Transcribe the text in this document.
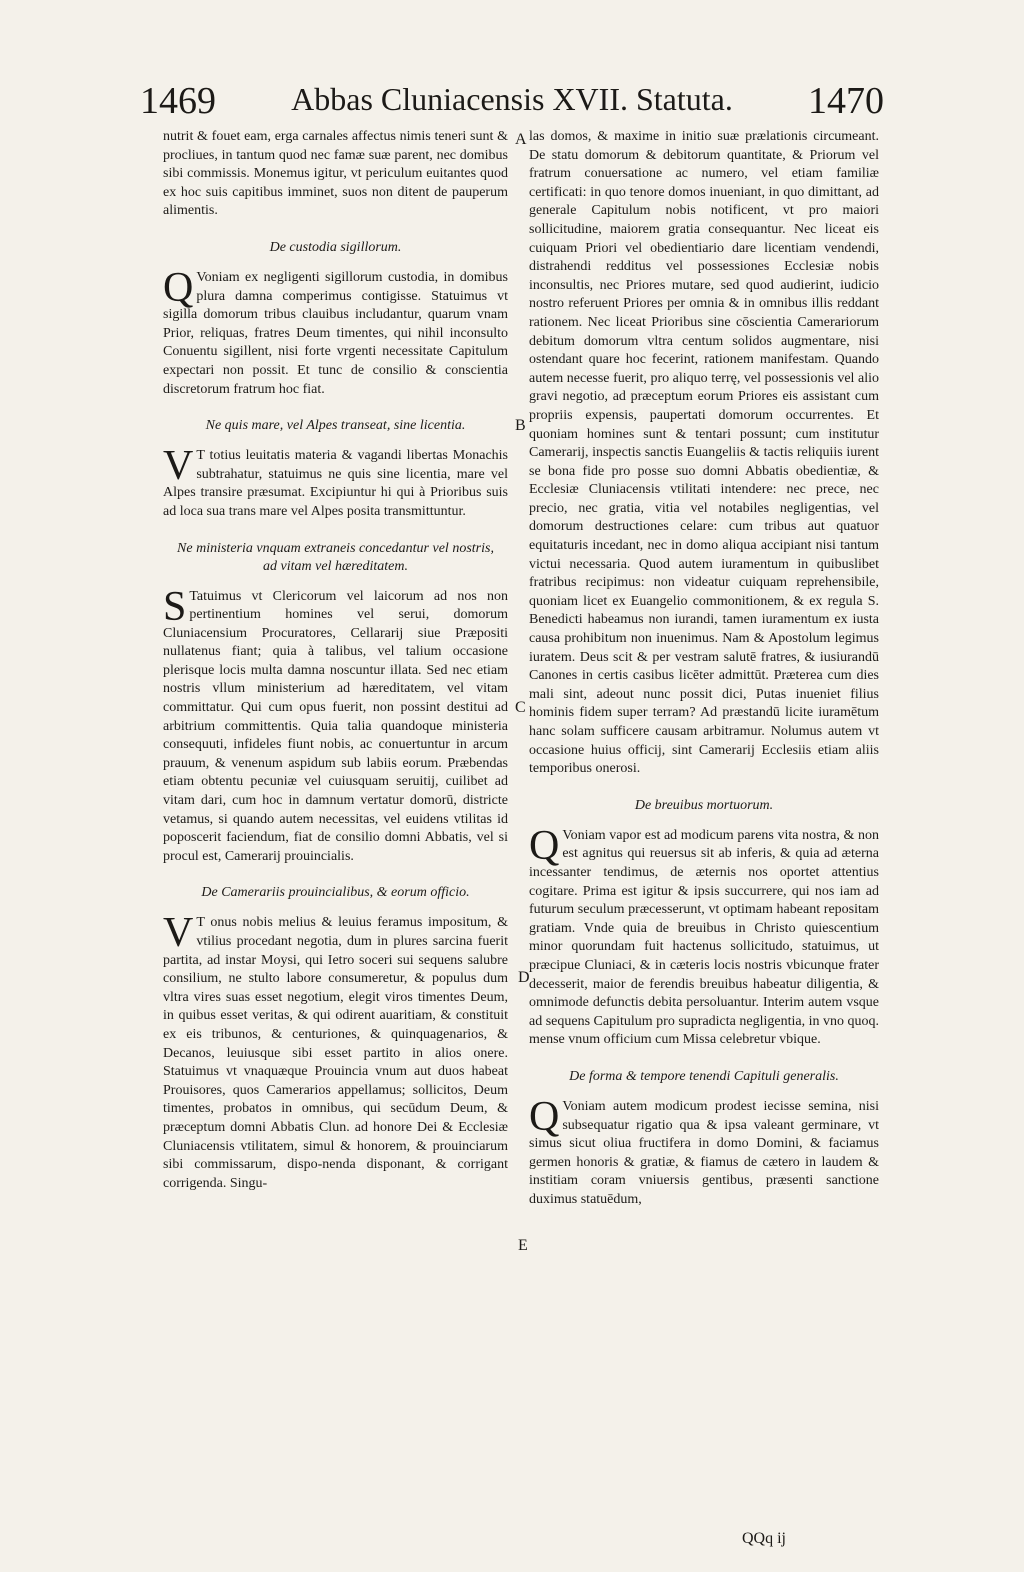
1469 Abbas Cluniacensis XVII. Statuta. 1470

nutrit & fouet eam, erga carnales affectus nimis teneri sunt & procliues, in tantum quod nec famæ suæ parent, nec domibus sibi commissis. Monemus igitur, vt periculum euitantes quod ex hoc suis capitibus imminet, suos non ditent de pauperum alimentis.

De custodia sigillorum.

Q Voniam ex negligenti sigillorum custodia, in domibus plura damna comperimus contigisse. Statuimus vt sigilla domorum tribus clauibus includantur, quarum vnam Prior, reliquas, fratres Deum timentes, qui nihil inconsulto Conuentu sigillent, nisi forte vrgenti necessitate Capitulum expectari non possit. Et tunc de consilio & conscientia discretorum fratrum hoc fiat.

Ne quis mare, vel Alpes transeat, sine licentia.

V T totius leuitatis materia & vagandi libertas Monachis subtrahatur, statuimus ne quis sine licentia, mare vel Alpes transire præsumat. Excipiuntur hi qui à Prioribus suis ad loca sua trans mare vel Alpes posita transmittuntur.

Ne ministeria vnquam extraneis concedantur vel nostris, ad vitam vel hæreditatem.

S Tatuimus vt Clericorum vel laicorum ad nos non pertinentium homines vel serui, domorum Cluniacensium Procuratores, Cellararij siue Præpositi nullatenus fiant; quia à talibus, vel talium occasione plerisque locis multa damna noscuntur illata. Sed nec etiam nostris vllum ministerium ad hæreditatem, vel vitam committatur. Qui cum opus fuerit, non possint destitui ad arbitrium committentis. Quia talia quandoque ministeria consequuti, infideles fiunt nobis, ac conuertuntur in arcum prauum, & venenum aspidum sub labiis eorum. Præbendas etiam obtentu pecuniæ vel cuiusquam seruitij, cuilibet ad vitam dari, cum hoc in damnum vertatur domorū, districte vetamus, si quando autem necessitas, vel euidens vtilitas id poposcerit faciendum, fiat de consilio domni Abbatis, vel si procul est, Camerarij prouincialis.

De Camerariis prouincialibus, & eorum officio.

V T onus nobis melius & leuius feramus impositum, & vtilius procedant negotia, dum in plures sarcina fuerit partita, ad instar Moysi, qui Ietro soceri sui sequens salubre consilium, ne stulto labore consumeretur, & populus dum vltra vires suas esset negotium, elegit viros timentes Deum, in quibus esset veritas, & qui odirent auaritiam, & constituit ex eis tribunos, & centuriones, & quinquagenarios, & Decanos, leuiusque sibi esset partito in alios onere. Statuimus vt vnaquæque Prouincia vnum aut duos habeat Prouisores, quos Camerarios appellamus; sollicitos, Deum timentes, probatos in omnibus, qui secūdum Deum, & præceptum domni Abbatis Clun. ad honore Dei & Ecclesiæ Cluniacensis vtilitatem, simul & honorem, & prouinciarum sibi commissarum, dispo-nenda disponant, & corrigant corrigenda. Singu-

A
B
C
D
E

las domos, & maxime in initio suæ prælationis circumeant. De statu domorum & debitorum quantitate, & Priorum vel fratrum conuersatione ac numero, vel etiam familiæ certificati: in quo tenore domos inueniant, in quo dimittant, ad generale Capitulum nobis notificent, vt pro maiori sollicitudine, maiorem gratia consequantur. Nec liceat eis cuiquam Priori vel obedientiario dare licentiam vendendi, distrahendi redditus vel possessiones Ecclesiæ nobis inconsultis, nec Priores mutare, sed quod audierint, iudicio nostro referuent Priores per omnia & in omnibus illis reddant rationem. Nec liceat Prioribus sine cōscientia Camerariorum debitum domorum vltra centum solidos augmentare, nisi ostendant quare hoc fecerint, rationem manifestam. Quando autem necesse fuerit, pro aliquo terrę, vel possessionis vel alio gravi negotio, ad præceptum eorum Priores eis assistant cum propriis expensis, paupertati domorum occurrentes. Et quoniam homines sunt & tentari possunt; cum institutur Camerarij, inspectis sanctis Euangeliis & tactis reliquiis iurent se bona fide pro posse suo domni Abbatis obedientiæ, & Ecclesiæ Cluniacensis vtilitati intendere: nec prece, nec precio, nec gratia, vitia vel notabiles negligentias, vel domorum destructiones celare: cum tribus aut quatuor equitaturis incedant, nec in domo aliqua accipiant nisi tantum victui necessaria. Quod autem iuramentum in quibuslibet fratribus recipimus: non videatur cuiquam reprehensibile, quoniam licet ex Euangelio commonitionem, & ex regula S. Benedicti habeamus non iurandi, tamen iuramentum ex iusta causa prohibitum non inuenimus. Nam & Apostolum legimus iuratem. Deus scit & per vestram salutē fratres, & iusiurandū Canones in certis casibus licēter admittūt. Præterea cum dies mali sint, adeout nunc possit dici, Putas inueniet filius hominis fidem super terram? Ad præstandū licite iuramētum hanc solam sufficere causam arbitramur. Nolumus autem vt occasione huius officij, sint Camerarij Ecclesiis etiam aliis temporibus onerosi.

De breuibus mortuorum.

Q Voniam vapor est ad modicum parens vita nostra, & non est agnitus qui reuersus sit ab inferis, & quia ad æterna incessanter tendimus, de æternis nos oportet attentius cogitare. Prima est igitur & ipsis succurrere, qui nos iam ad futurum seculum præcesserunt, vt optimam habeant repositam gratiam. Vnde quia de breuibus in Christo quiescentium minor quorundam fuit hactenus sollicitudo, statuimus, ut præcipue Cluniaci, & in cæteris locis nostris vbicunque frater decesserit, maior de ferendis breuibus habeatur diligentia, & omnimode defunctis debita persoluantur. Interim autem vsque ad sequens Capitulum pro supradicta negligentia, in vno quoq. mense vnum officium cum Missa celebretur vbique.

De forma & tempore tenendi Capituli generalis.

Q Voniam autem modicum prodest iecisse semina, nisi subsequatur rigatio qua & ipsa valeant germinare, vt simus sicut oliua fructifera in domo Domini, & faciamus germen honoris & gratiæ, & fiamus de cætero in laudem & institiam coram vniuersis gentibus, præsenti sanctione duximus statuēdum,

QQq ij
